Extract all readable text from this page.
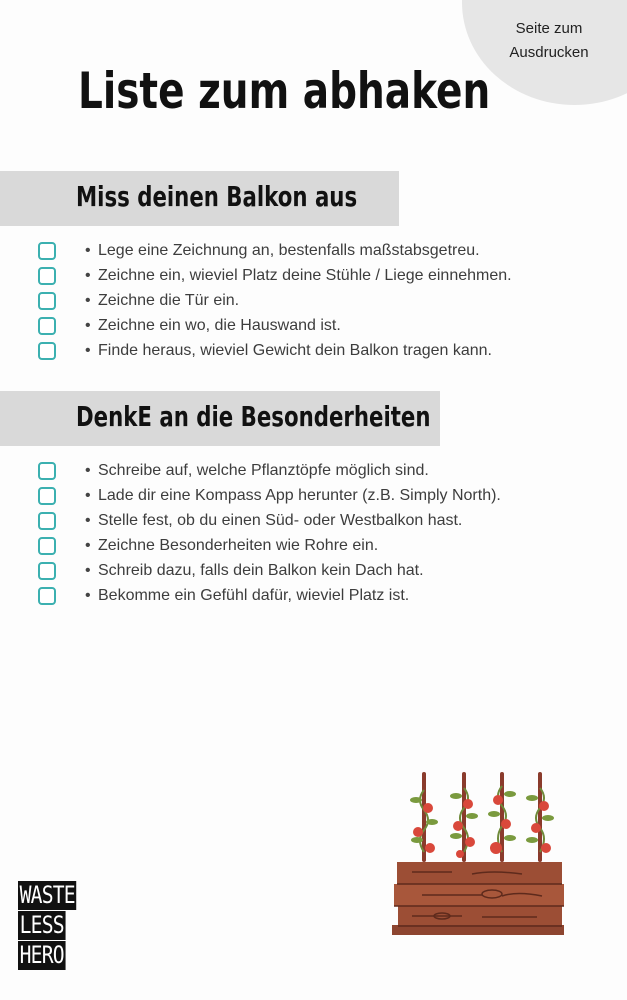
Seite zum Ausdrucken
Liste zum abhaken
Miss deinen Balkon aus
• Lege eine Zeichnung an, bestenfalls maßstabsgetreu.
• Zeichne ein, wieviel Platz deine Stühle / Liege einnehmen.
• Zeichne die Tür ein.
• Zeichne ein wo, die Hauswand ist.
• Finde heraus, wieviel Gewicht dein Balkon tragen kann.
DenkE an die Besonderheiten
• Schreibe auf, welche Pflanztöpfe möglich sind.
• Lade dir eine Kompass App herunter (z.B. Simply North).
• Stelle fest, ob du einen Süd- oder Westbalkon hast.
• Zeichne Besonderheiten wie Rohre ein.
• Schreib dazu, falls dein Balkon kein Dach hat.
• Bekomme ein Gefühl dafür, wieviel Platz ist.
WASTE
LESS
HERO
